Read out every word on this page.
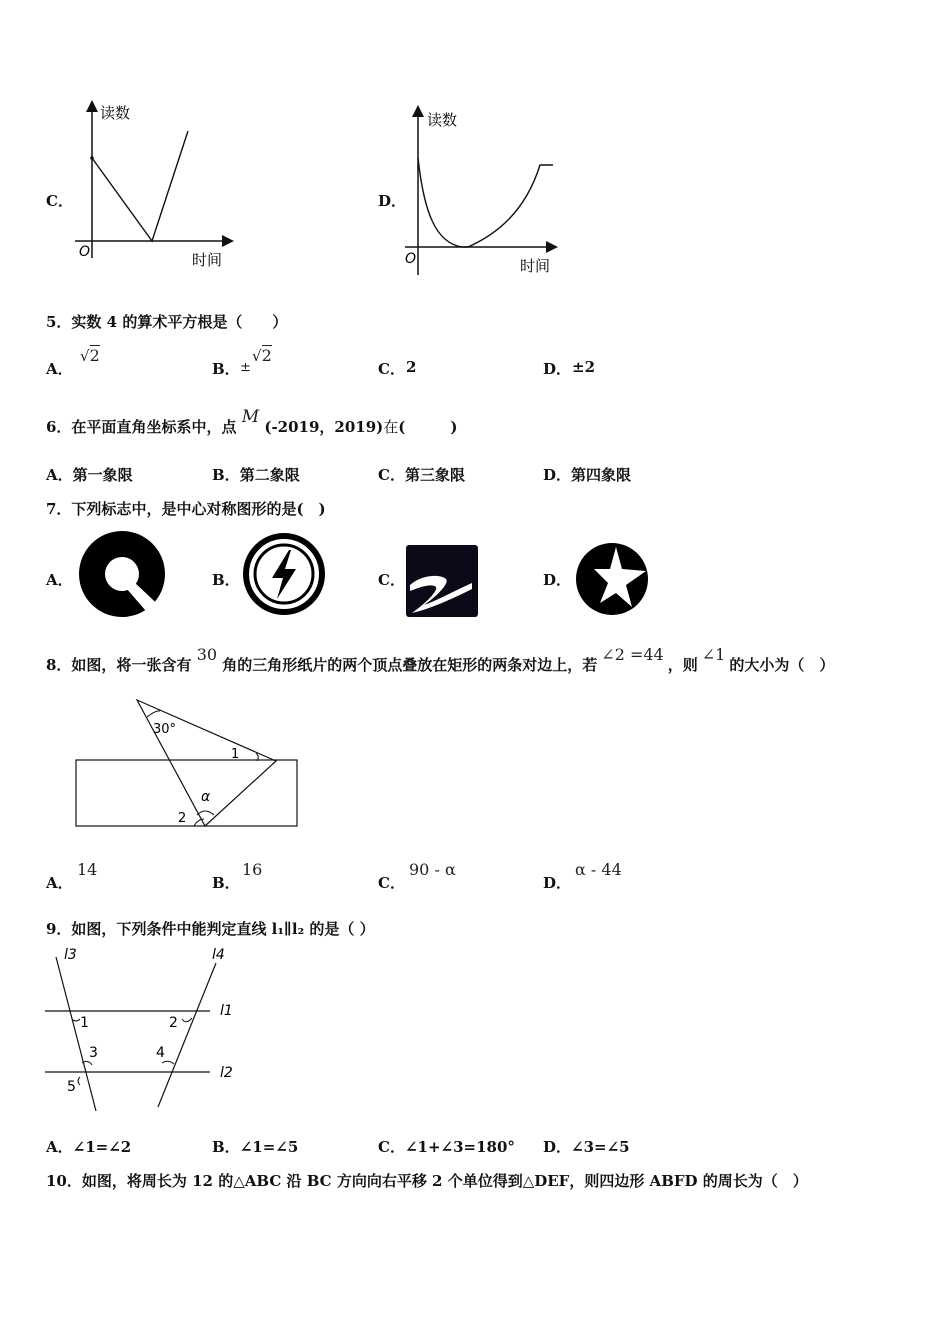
C．
读数
时间
O
D．
读数
时间
O
5．实数 4 的算术平方根是（　　）
A．
√2
B． ±
√2
C． 2	D． ±2
6．在平面直角坐标系中，点 M (-2019，2019)在(　　　)
A．第一象限	B．第二象限	C．第三象限	D．第四象限
7．下列标志中，是中心对称图形的是(　)
A．	B．	C．	D．
8．如图，将一张含有 30 角的三角形纸片的两个顶点叠放在矩形的两条对边上，若∠2 =44，则∠1的大小为（　）
30°
1
2
α
A．
14
B．
16
C．
90 - α
D．
α - 44
9．如图，下列条件中能判定直线 l₁∥l₂ 的是（ ）
l3	l4
l1
l2
1	2
3	4
5
A．∠1=∠2	B．∠1=∠5	C．∠1+∠3=180° D．∠3=∠5
10．如图，将周长为 12 的△ABC 沿 BC 方向向右平移 2 个单位得到△DEF，则四边形 ABFD 的周长为（　）
